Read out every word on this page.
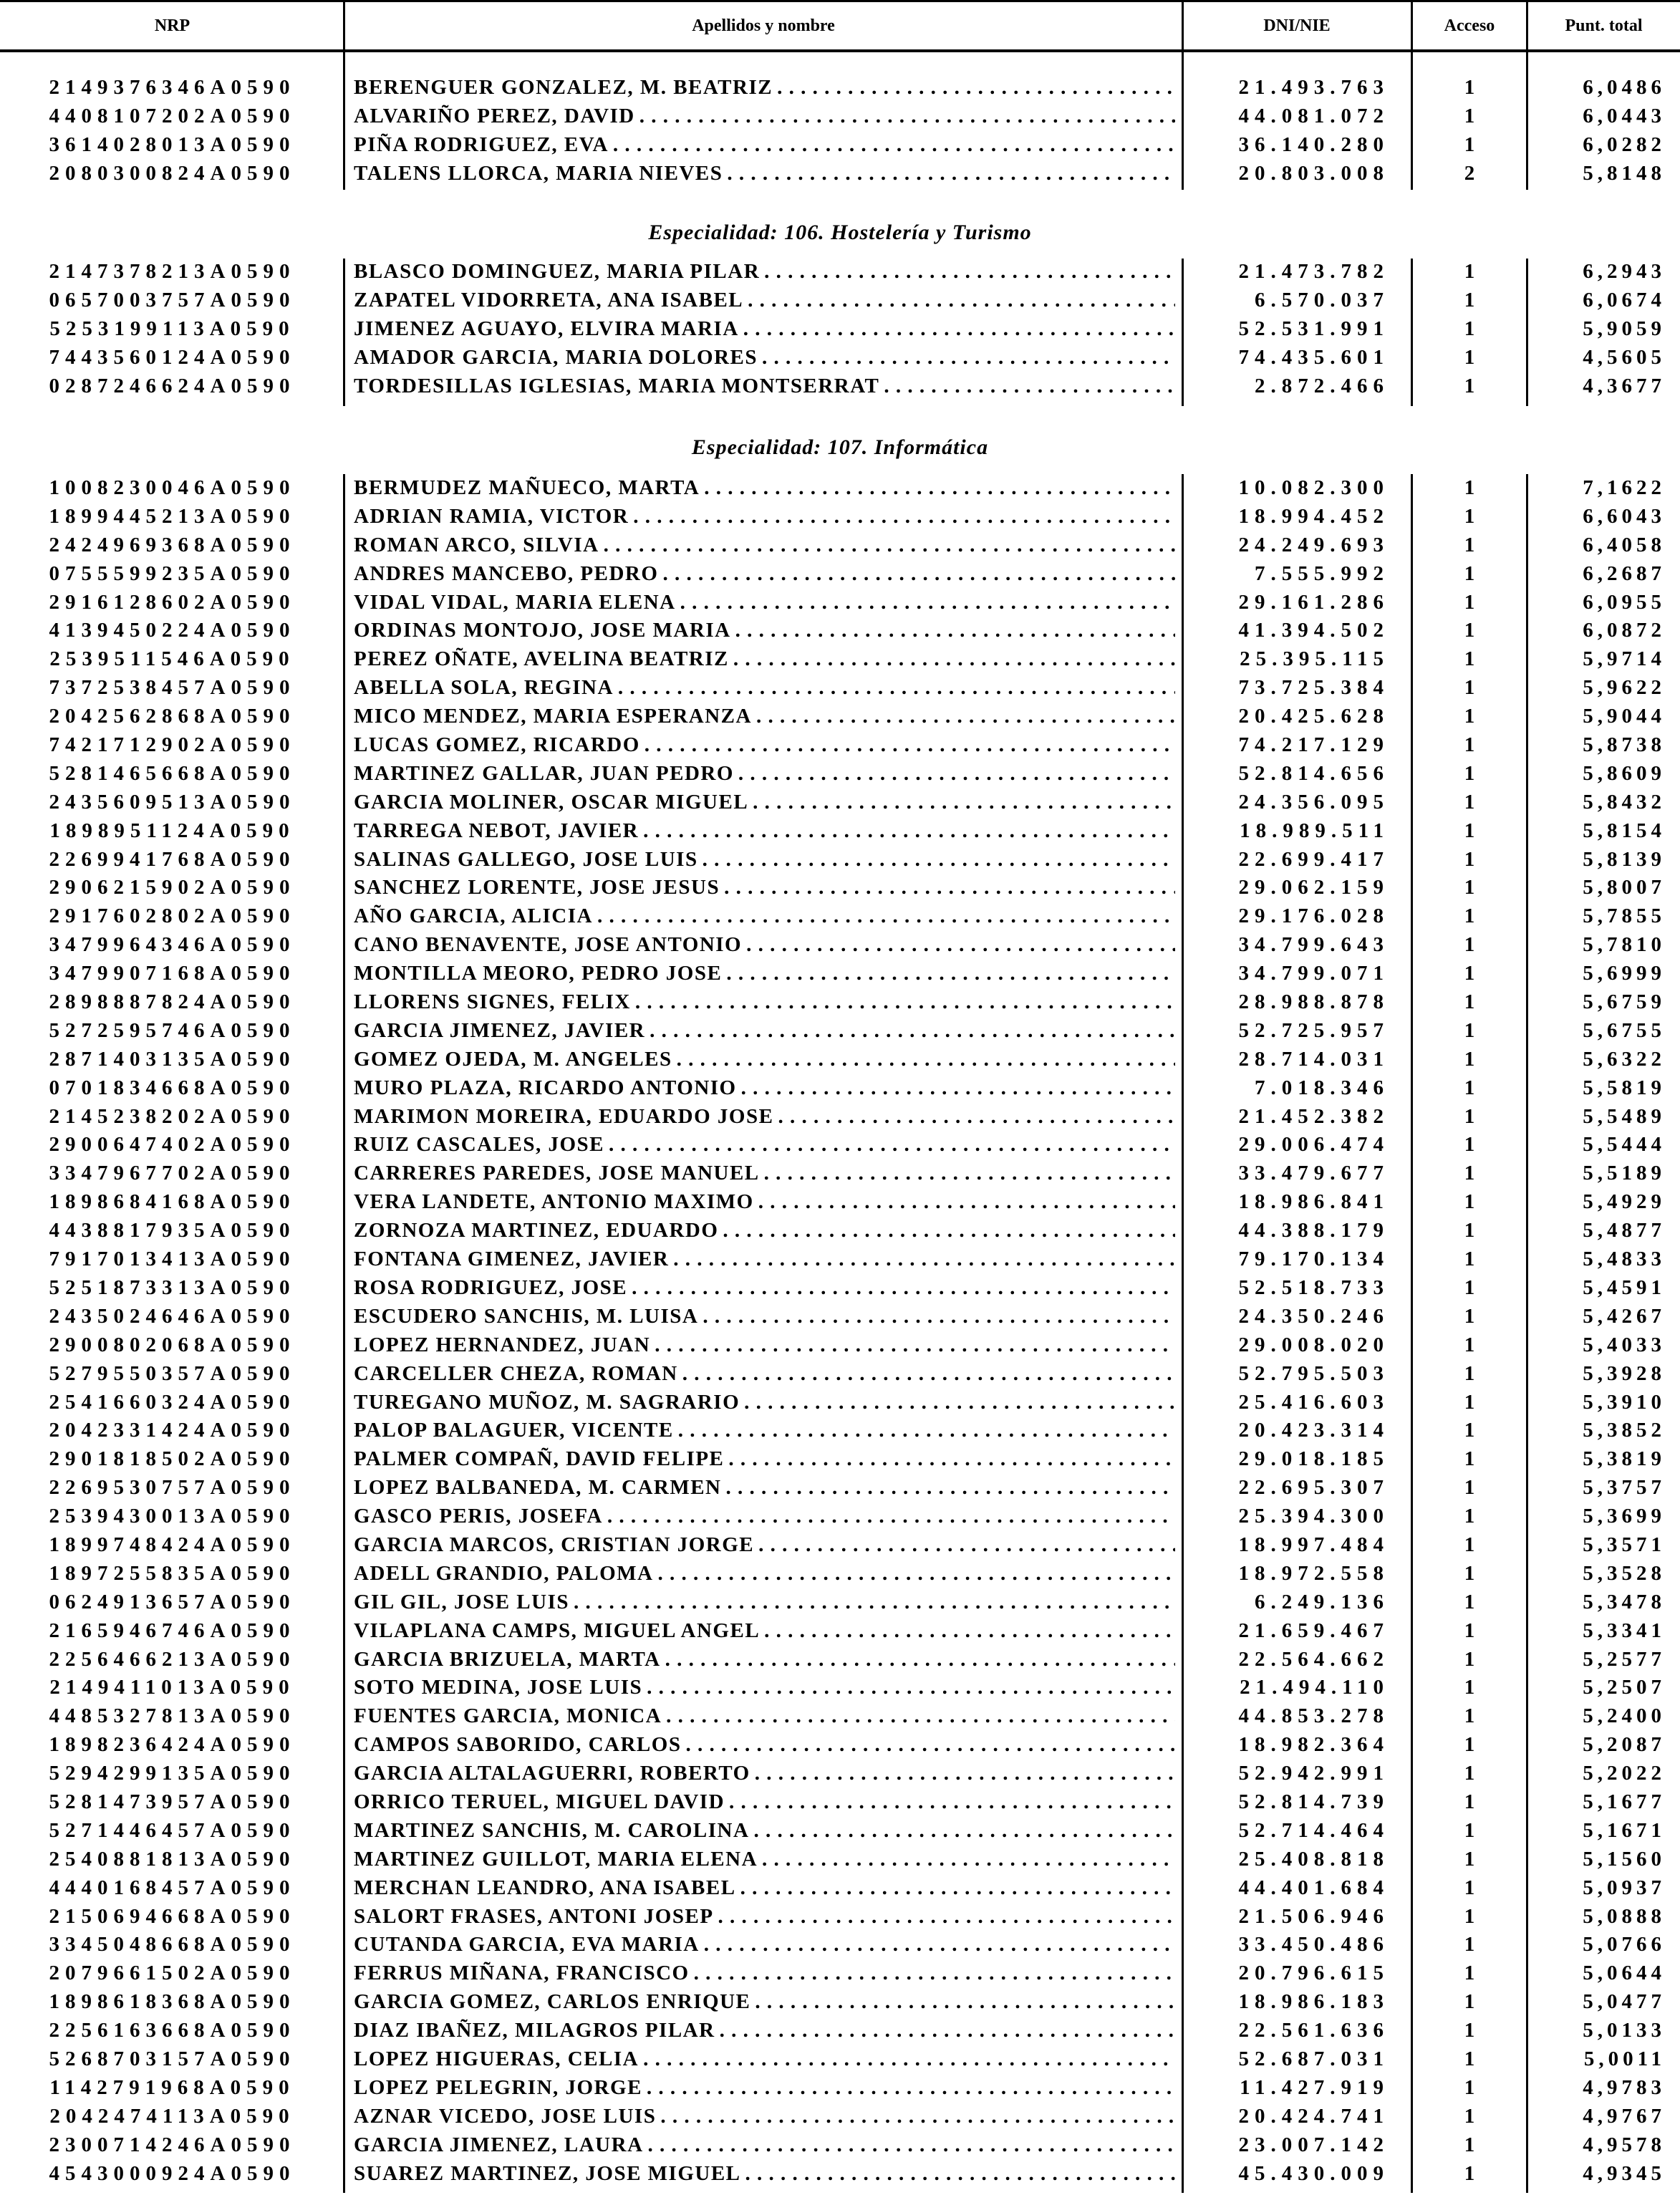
NRP	Apellidos y nombre	DNI/NIE	Acceso	Punt. total
2149376346A0590	BERENGUER GONZALEZ, M. BEATRIZ . . .	21.493.763	1	6,0486
4408107202A0590	ALVARIÑO PEREZ, DAVID . . .	44.081.072	1	6,0443
3614028013A0590	PIÑA RODRIGUEZ, EVA . . .	36.140.280	1	6,0282
2080300824A0590	TALENS LLORCA, MARIA NIEVES . . .	20.803.008	2	5,8148
Especialidad: 106. Hostelería y Turismo
2147378213A0590	BLASCO DOMINGUEZ, MARIA PILAR . . .	21.473.782	1	6,2943
0657003757A0590	ZAPATEL VIDORRETA, ANA ISABEL . . .	6.570.037	1	6,0674
5253199113A0590	JIMENEZ AGUAYO, ELVIRA MARIA . . .	52.531.991	1	5,9059
7443560124A0590	AMADOR GARCIA, MARIA DOLORES . . .	74.435.601	1	4,5605
0287246624A0590	TORDESILLAS IGLESIAS, MARIA MONTSERRAT . . .	2.872.466	1	4,3677
Especialidad: 107. Informática
1008230046A0590	BERMUDEZ MAÑUECO, MARTA . . .	10.082.300	1	7,1622
1899445213A0590	ADRIAN RAMIA, VICTOR . . .	18.994.452	1	6,6043
2424969368A0590	ROMAN ARCO, SILVIA . . .	24.249.693	1	6,4058
0755599235A0590	ANDRES MANCEBO, PEDRO . . .	7.555.992	1	6,2687
2916128602A0590	VIDAL VIDAL, MARIA ELENA . . .	29.161.286	1	6,0955
4139450224A0590	ORDINAS MONTOJO, JOSE MARIA . . .	41.394.502	1	6,0872
2539511546A0590	PEREZ OÑATE, AVELINA BEATRIZ . . .	25.395.115	1	5,9714
7372538457A0590	ABELLA SOLA, REGINA . . .	73.725.384	1	5,9622
2042562868A0590	MICO MENDEZ, MARIA ESPERANZA . . .	20.425.628	1	5,9044
7421712902A0590	LUCAS GOMEZ, RICARDO . . .	74.217.129	1	5,8738
5281465668A0590	MARTINEZ GALLAR, JUAN PEDRO . . .	52.814.656	1	5,8609
2435609513A0590	GARCIA MOLINER, OSCAR MIGUEL . . .	24.356.095	1	5,8432
1898951124A0590	TARREGA NEBOT, JAVIER . . .	18.989.511	1	5,8154
2269941768A0590	SALINAS GALLEGO, JOSE LUIS . . .	22.699.417	1	5,8139
2906215902A0590	SANCHEZ LORENTE, JOSE JESUS . . .	29.062.159	1	5,8007
2917602802A0590	AÑO GARCIA, ALICIA . . .	29.176.028	1	5,7855
3479964346A0590	CANO BENAVENTE, JOSE ANTONIO . . .	34.799.643	1	5,7810
3479907168A0590	MONTILLA MEORO, PEDRO JOSE . . .	34.799.071	1	5,6999
2898887824A0590	LLORENS SIGNES, FELIX . . .	28.988.878	1	5,6759
5272595746A0590	GARCIA JIMENEZ, JAVIER . . .	52.725.957	1	5,6755
2871403135A0590	GOMEZ OJEDA, M. ANGELES . . .	28.714.031	1	5,6322
0701834668A0590	MURO PLAZA, RICARDO ANTONIO . . .	7.018.346	1	5,5819
2145238202A0590	MARIMON MOREIRA, EDUARDO JOSE . . .	21.452.382	1	5,5489
2900647402A0590	RUIZ CASCALES, JOSE . . .	29.006.474	1	5,5444
3347967702A0590	CARRERES PAREDES, JOSE MANUEL . . .	33.479.677	1	5,5189
1898684168A0590	VERA LANDETE, ANTONIO MAXIMO . . .	18.986.841	1	5,4929
4438817935A0590	ZORNOZA MARTINEZ, EDUARDO . . .	44.388.179	1	5,4877
7917013413A0590	FONTANA GIMENEZ, JAVIER . . .	79.170.134	1	5,4833
5251873313A0590	ROSA RODRIGUEZ, JOSE . . .	52.518.733	1	5,4591
2435024646A0590	ESCUDERO SANCHIS, M. LUISA . . .	24.350.246	1	5,4267
2900802068A0590	LOPEZ HERNANDEZ, JUAN . . .	29.008.020	1	5,4033
5279550357A0590	CARCELLER CHEZA, ROMAN . . .	52.795.503	1	5,3928
2541660324A0590	TUREGANO MUÑOZ, M. SAGRARIO . . .	25.416.603	1	5,3910
2042331424A0590	PALOP BALAGUER, VICENTE . . .	20.423.314	1	5,3852
2901818502A0590	PALMER COMPAÑ, DAVID FELIPE . . .	29.018.185	1	5,3819
2269530757A0590	LOPEZ BALBANEDA, M. CARMEN . . .	22.695.307	1	5,3757
2539430013A0590	GASCO PERIS, JOSEFA . . .	25.394.300	1	5,3699
1899748424A0590	GARCIA MARCOS, CRISTIAN JORGE . . .	18.997.484	1	5,3571
1897255835A0590	ADELL GRANDIO, PALOMA . . .	18.972.558	1	5,3528
0624913657A0590	GIL GIL, JOSE LUIS . . .	6.249.136	1	5,3478
2165946746A0590	VILAPLANA CAMPS, MIGUEL ANGEL . . .	21.659.467	1	5,3341
2256466213A0590	GARCIA BRIZUELA, MARTA . . .	22.564.662	1	5,2577
2149411013A0590	SOTO MEDINA, JOSE LUIS . . .	21.494.110	1	5,2507
4485327813A0590	FUENTES GARCIA, MONICA . . .	44.853.278	1	5,2400
1898236424A0590	CAMPOS SABORIDO, CARLOS . . .	18.982.364	1	5,2087
5294299135A0590	GARCIA ALTALAGUERRI, ROBERTO . . .	52.942.991	1	5,2022
5281473957A0590	ORRICO TERUEL, MIGUEL DAVID . . .	52.814.739	1	5,1677
5271446457A0590	MARTINEZ SANCHIS, M. CAROLINA . . .	52.714.464	1	5,1671
2540881813A0590	MARTINEZ GUILLOT, MARIA ELENA . . .	25.408.818	1	5,1560
4440168457A0590	MERCHAN LEANDRO, ANA ISABEL . . .	44.401.684	1	5,0937
2150694668A0590	SALORT FRASES, ANTONI JOSEP . . .	21.506.946	1	5,0888
3345048668A0590	CUTANDA GARCIA, EVA MARIA . . .	33.450.486	1	5,0766
2079661502A0590	FERRUS MIÑANA, FRANCISCO . . .	20.796.615	1	5,0644
1898618368A0590	GARCIA GOMEZ, CARLOS ENRIQUE . . .	18.986.183	1	5,0477
2256163668A0590	DIAZ IBAÑEZ, MILAGROS PILAR . . .	22.561.636	1	5,0133
5268703157A0590	LOPEZ HIGUERAS, CELIA . . .	52.687.031	1	5,0011
1142791968A0590	LOPEZ PELEGRIN, JORGE . . .	11.427.919	1	4,9783
2042474113A0590	AZNAR VICEDO, JOSE LUIS . . .	20.424.741	1	4,9767
2300714246A0590	GARCIA JIMENEZ, LAURA . . .	23.007.142	1	4,9578
4543000924A0590	SUAREZ MARTINEZ, JOSE MIGUEL . . .	45.430.009	1	4,9345
